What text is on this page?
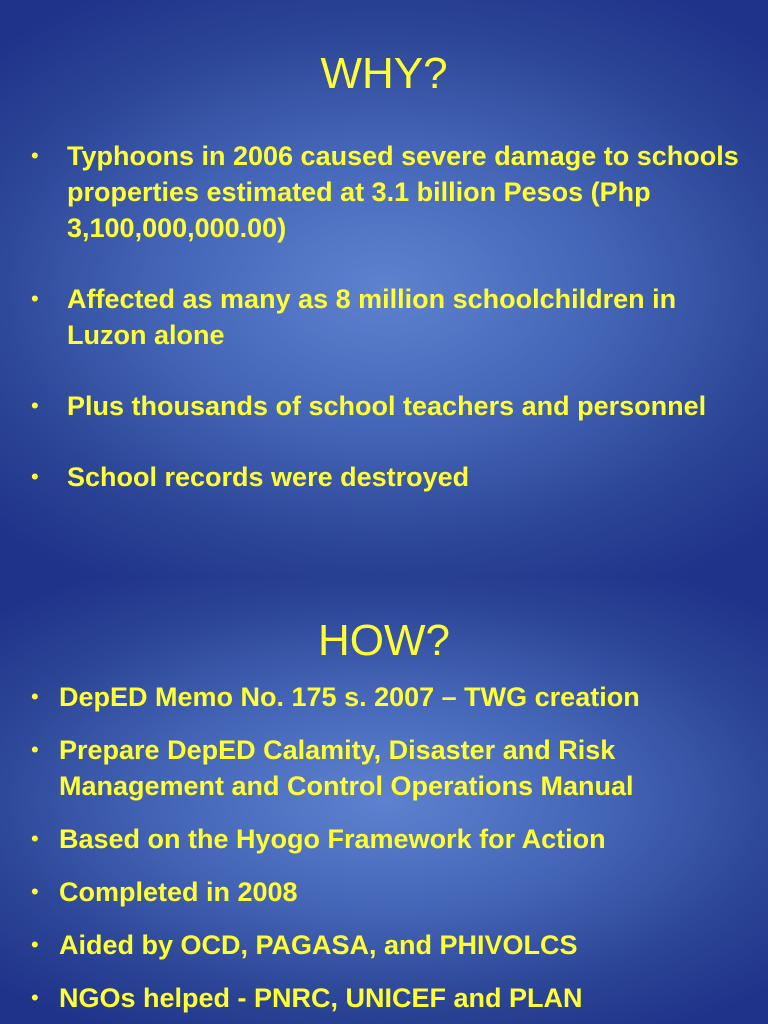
WHY?
• Typhoons in 2006 caused severe damage to schools properties estimated at 3.1 billion Pesos (Php 3,100,000,000.00)
• Affected as many as 8 million schoolchildren in Luzon alone
• Plus thousands of school teachers and personnel
• School records were destroyed
HOW?
• DepED Memo No. 175 s. 2007 – TWG creation
• Prepare DepED Calamity, Disaster and Risk Management and Control Operations Manual
• Based on the Hyogo Framework for Action
• Completed in 2008
• Aided by OCD, PAGASA, and PHIVOLCS
• NGOs helped - PNRC, UNICEF and PLAN
